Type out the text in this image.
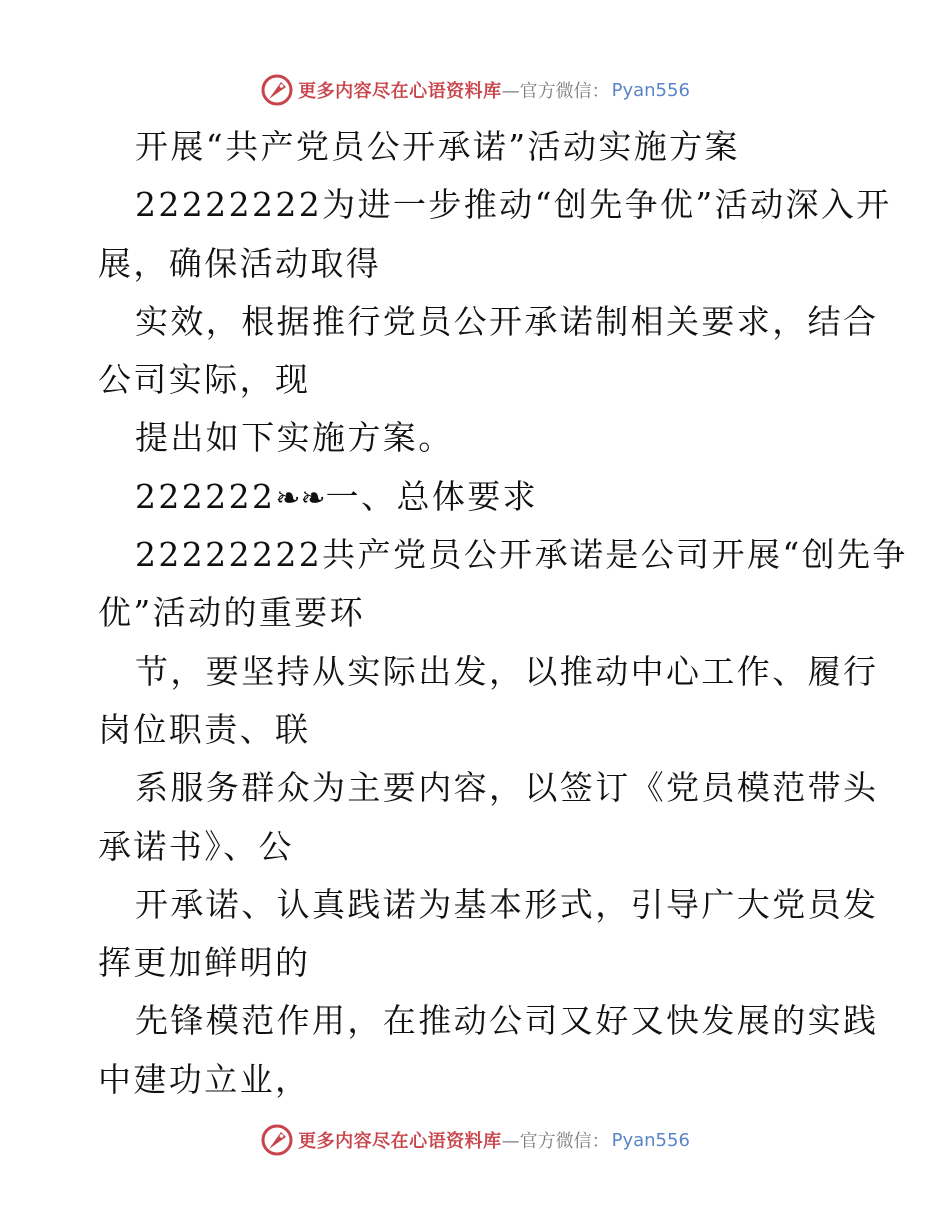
更多内容尽在心语资料库 —官方微信： Pyan556
开展“共产党员公开承诺”活动实施方案
22222222为进一步推动“创先争优”活动深入开
展，确保活动取得
实效，根据推行党员公开承诺制相关要求，结合
公司实际，现
提出如下实施方案。
222222❧❧一、总体要求
22222222共产党员公开承诺是公司开展“创先争
优”活动的重要环
节，要坚持从实际出发，以推动中心工作、履行
岗位职责、联
系服务群众为主要内容，以签订《党员模范带头
承诺书》、公
开承诺、认真践诺为基本形式，引导广大党员发
挥更加鲜明的
先锋模范作用，在推动公司又好又快发展的实践
中建功立业，
更多内容尽在心语资料库 —官方微信： Pyan556
